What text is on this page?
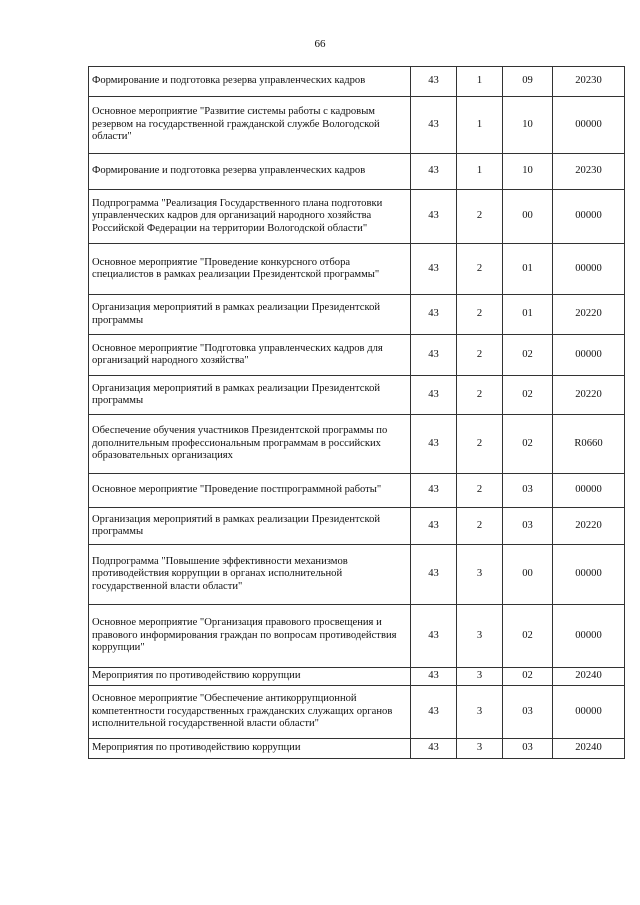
66
Формирование и подготовка резерва управленческих кадров	43	1	09	20230
Основное мероприятие "Развитие системы работы с кадровым резервом на государственной гражданской службе Вологодской области"	43	1	10	00000
Формирование и подготовка резерва управленческих кадров	43	1	10	20230
Подпрограмма "Реализация Государственного плана подготовки управленческих кадров для организаций народного хозяйства Российской Федерации на территории Вологодской области"	43	2	00	00000
Основное мероприятие "Проведение конкурсного отбора специалистов в рамках реализации Президентской программы"	43	2	01	00000
Организация мероприятий в рамках реализации Президентской программы	43	2	01	20220
Основное мероприятие "Подготовка управленческих кадров для организаций народного хозяйства"	43	2	02	00000
Организация мероприятий в рамках реализации Президентской программы	43	2	02	20220
Обеспечение обучения участников Президентской программы по дополнительным профессиональным программам в российских образовательных организациях	43	2	02	R0660
Основное мероприятие "Проведение постпрограммной работы"	43	2	03	00000
Организация мероприятий в рамках реализации Президентской программы	43	2	03	20220
Подпрограмма "Повышение эффективности механизмов противодействия коррупции в органах исполнительной государственной власти области"	43	3	00	00000
Основное мероприятие "Организация правового просвещения и правового информирования граждан по вопросам противодействия коррупции"	43	3	02	00000
Мероприятия по противодействию коррупции	43	3	02	20240
Основное мероприятие "Обеспечение антикоррупционной компетентности государственных гражданских служащих органов исполнительной государственной власти области"	43	3	03	00000
Мероприятия по противодействию коррупции	43	3	03	20240
